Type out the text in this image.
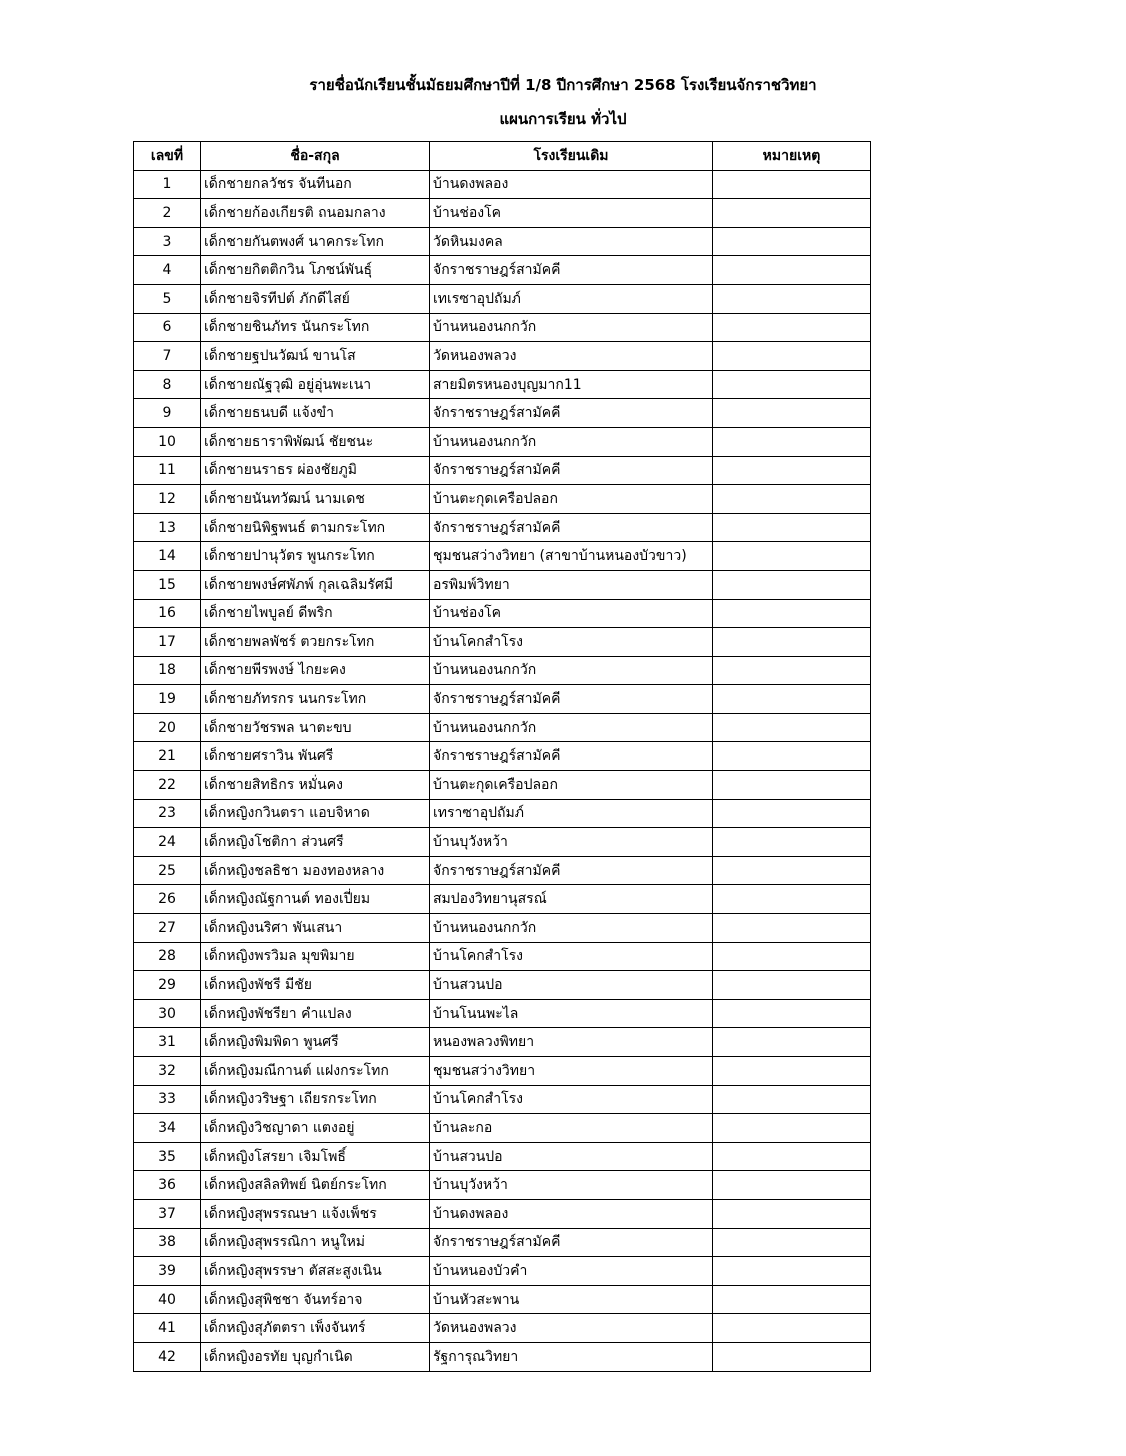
รายชื่อนักเรียนชั้นมัธยมศึกษาปีที่ 1/8 ปีการศึกษา 2568 โรงเรียนจักราชวิทยา
แผนการเรียน ทั่วไป
เลขที่	ชื่อ-สกุล	โรงเรียนเดิม	หมายเหตุ
1	เด็กชายกลวัชร จันทีนอก	บ้านดงพลอง	
2	เด็กชายก้องเกียรติ ถนอมกลาง	บ้านช่องโค	
3	เด็กชายกันตพงศ์ นาคกระโทก	วัดหินมงคล	
4	เด็กชายกิตติกวิน โภชน์พันธุ์	จักราชราษฎร์สามัคคี	
5	เด็กชายจิรทีปต์ ภักดีไสย์	เทเรซาอุปถัมภ์	
6	เด็กชายชินภัทร นันกระโทก	บ้านหนองนกกวัก	
7	เด็กชายฐปนวัฒน์ ขานโส	วัดหนองพลวง	
8	เด็กชายณัฐวุฒิ อยู่อุ่นพะเนา	สายมิตรหนองบุญมาก11	
9	เด็กชายธนบดี แจ้งขำ	จักราชราษฎร์สามัคคี	
10	เด็กชายธาราพิพัฒน์ ชัยชนะ	บ้านหนองนกกวัก	
11	เด็กชายนราธร ผ่องชัยภูมิ	จักราชราษฎร์สามัคคี	
12	เด็กชายนันทวัฒน์ นามเดช	บ้านตะกุดเครือปลอก	
13	เด็กชายนิพิฐพนธ์ ตามกระโทก	จักราชราษฎร์สามัคคี	
14	เด็กชายปานุวัตร พูนกระโทก	ชุมชนสว่างวิทยา (สาขาบ้านหนองบัวขาว)	
15	เด็กชายพงษ์ศพัภพ์ กุลเฉลิมรัศมี	อรพิมพ์วิทยา	
16	เด็กชายไพบูลย์ ดีพริก	บ้านช่องโค	
17	เด็กชายพลพัชร์ ตวยกระโทก	บ้านโคกสำโรง	
18	เด็กชายพีรพงษ์ ไกยะคง	บ้านหนองนกกวัก	
19	เด็กชายภัทรกร นนกระโทก	จักราชราษฎร์สามัคคี	
20	เด็กชายวัชรพล นาตะขบ	บ้านหนองนกกวัก	
21	เด็กชายศราวิน พันศรี	จักราชราษฎร์สามัคคี	
22	เด็กชายสิทธิกร หมั่นคง	บ้านตะกุดเครือปลอก	
23	เด็กหญิงกวินตรา แอบจิหาด	เทราซาอุปถัมภ์	
24	เด็กหญิงโชติกา ส่วนศรี	บ้านบุวังหว้า	
25	เด็กหญิงชลธิชา มองทองหลาง	จักราชราษฎร์สามัคคี	
26	เด็กหญิงณัฐกานต์ ทองเปี่ยม	สมปองวิทยานุสรณ์	
27	เด็กหญิงนริศา พันเสนา	บ้านหนองนกกวัก	
28	เด็กหญิงพรวิมล มุขพิมาย	บ้านโคกสำโรง	
29	เด็กหญิงพัชรี มีชัย	บ้านสวนปอ	
30	เด็กหญิงพัชรียา คำแปลง	บ้านโนนพะไล	
31	เด็กหญิงพิมพิดา พูนศรี	หนองพลวงพิทยา	
32	เด็กหญิงมณีกานต์ แฝงกระโทก	ชุมชนสว่างวิทยา	
33	เด็กหญิงวริษฐา เถียรกระโทก	บ้านโคกสำโรง	
34	เด็กหญิงวิชญาดา แตงอยู่	บ้านละกอ	
35	เด็กหญิงโสรยา เจิมโพธิ์	บ้านสวนปอ	
36	เด็กหญิงสลิลทิพย์ นิตย์กระโทก	บ้านบุวังหว้า	
37	เด็กหญิงสุพรรณษา แจ้งเพ็ชร	บ้านดงพลอง	
38	เด็กหญิงสุพรรณิกา หนูใหม่	จักราชราษฎร์สามัคคี	
39	เด็กหญิงสุพรรษา ตัสสะสูงเนิน	บ้านหนองบัวคำ	
40	เด็กหญิงสุพิชชา จันทร์อาจ	บ้านหัวสะพาน	
41	เด็กหญิงสุภัตตรา เพ็งจันทร์	วัดหนองพลวง	
42	เด็กหญิงอรทัย บุญกำเนิด	รัฐการุณวิทยา	
